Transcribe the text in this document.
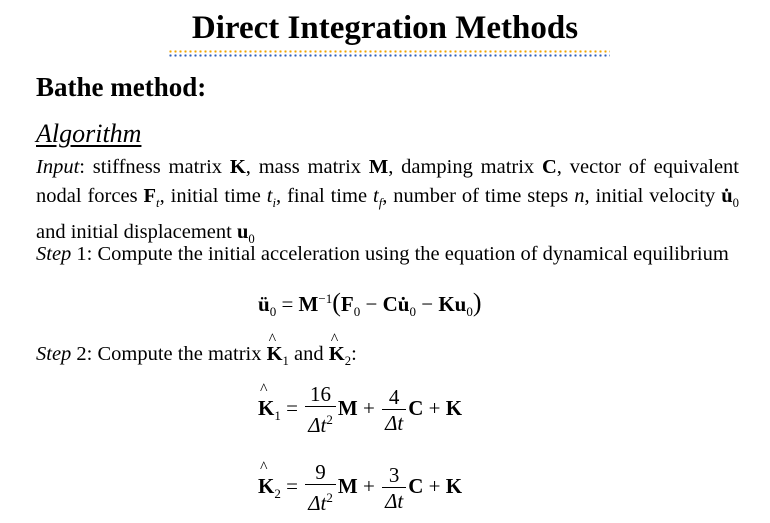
Direct Integration Methods
Bathe method:
Algorithm
Input: stiffness matrix K, mass matrix M, damping matrix C, vector of equivalent nodal forces $F_t$, initial time $t_i$, final time $t_f$, number of time steps n, initial velocity $u̇_0$ and initial displacement $u_0$
Step 1: Compute the initial acceleration using the equation of dynamical equilibrium
$ü_0 = M^{-1}(F_0$ − $Cu̇_0 - Ku_0$)
Step 2: Compute the matrix ^ $K_1$ and ^ $K_2$:
^ $K_1 = \frac{16}{\Delta t^2}$ $M + \frac{4}{\Delta t}$ C + K
^ $K_2 = \frac{9}{\Delta t^2}$ $M + \frac{3}{\Delta t}$ C + K
